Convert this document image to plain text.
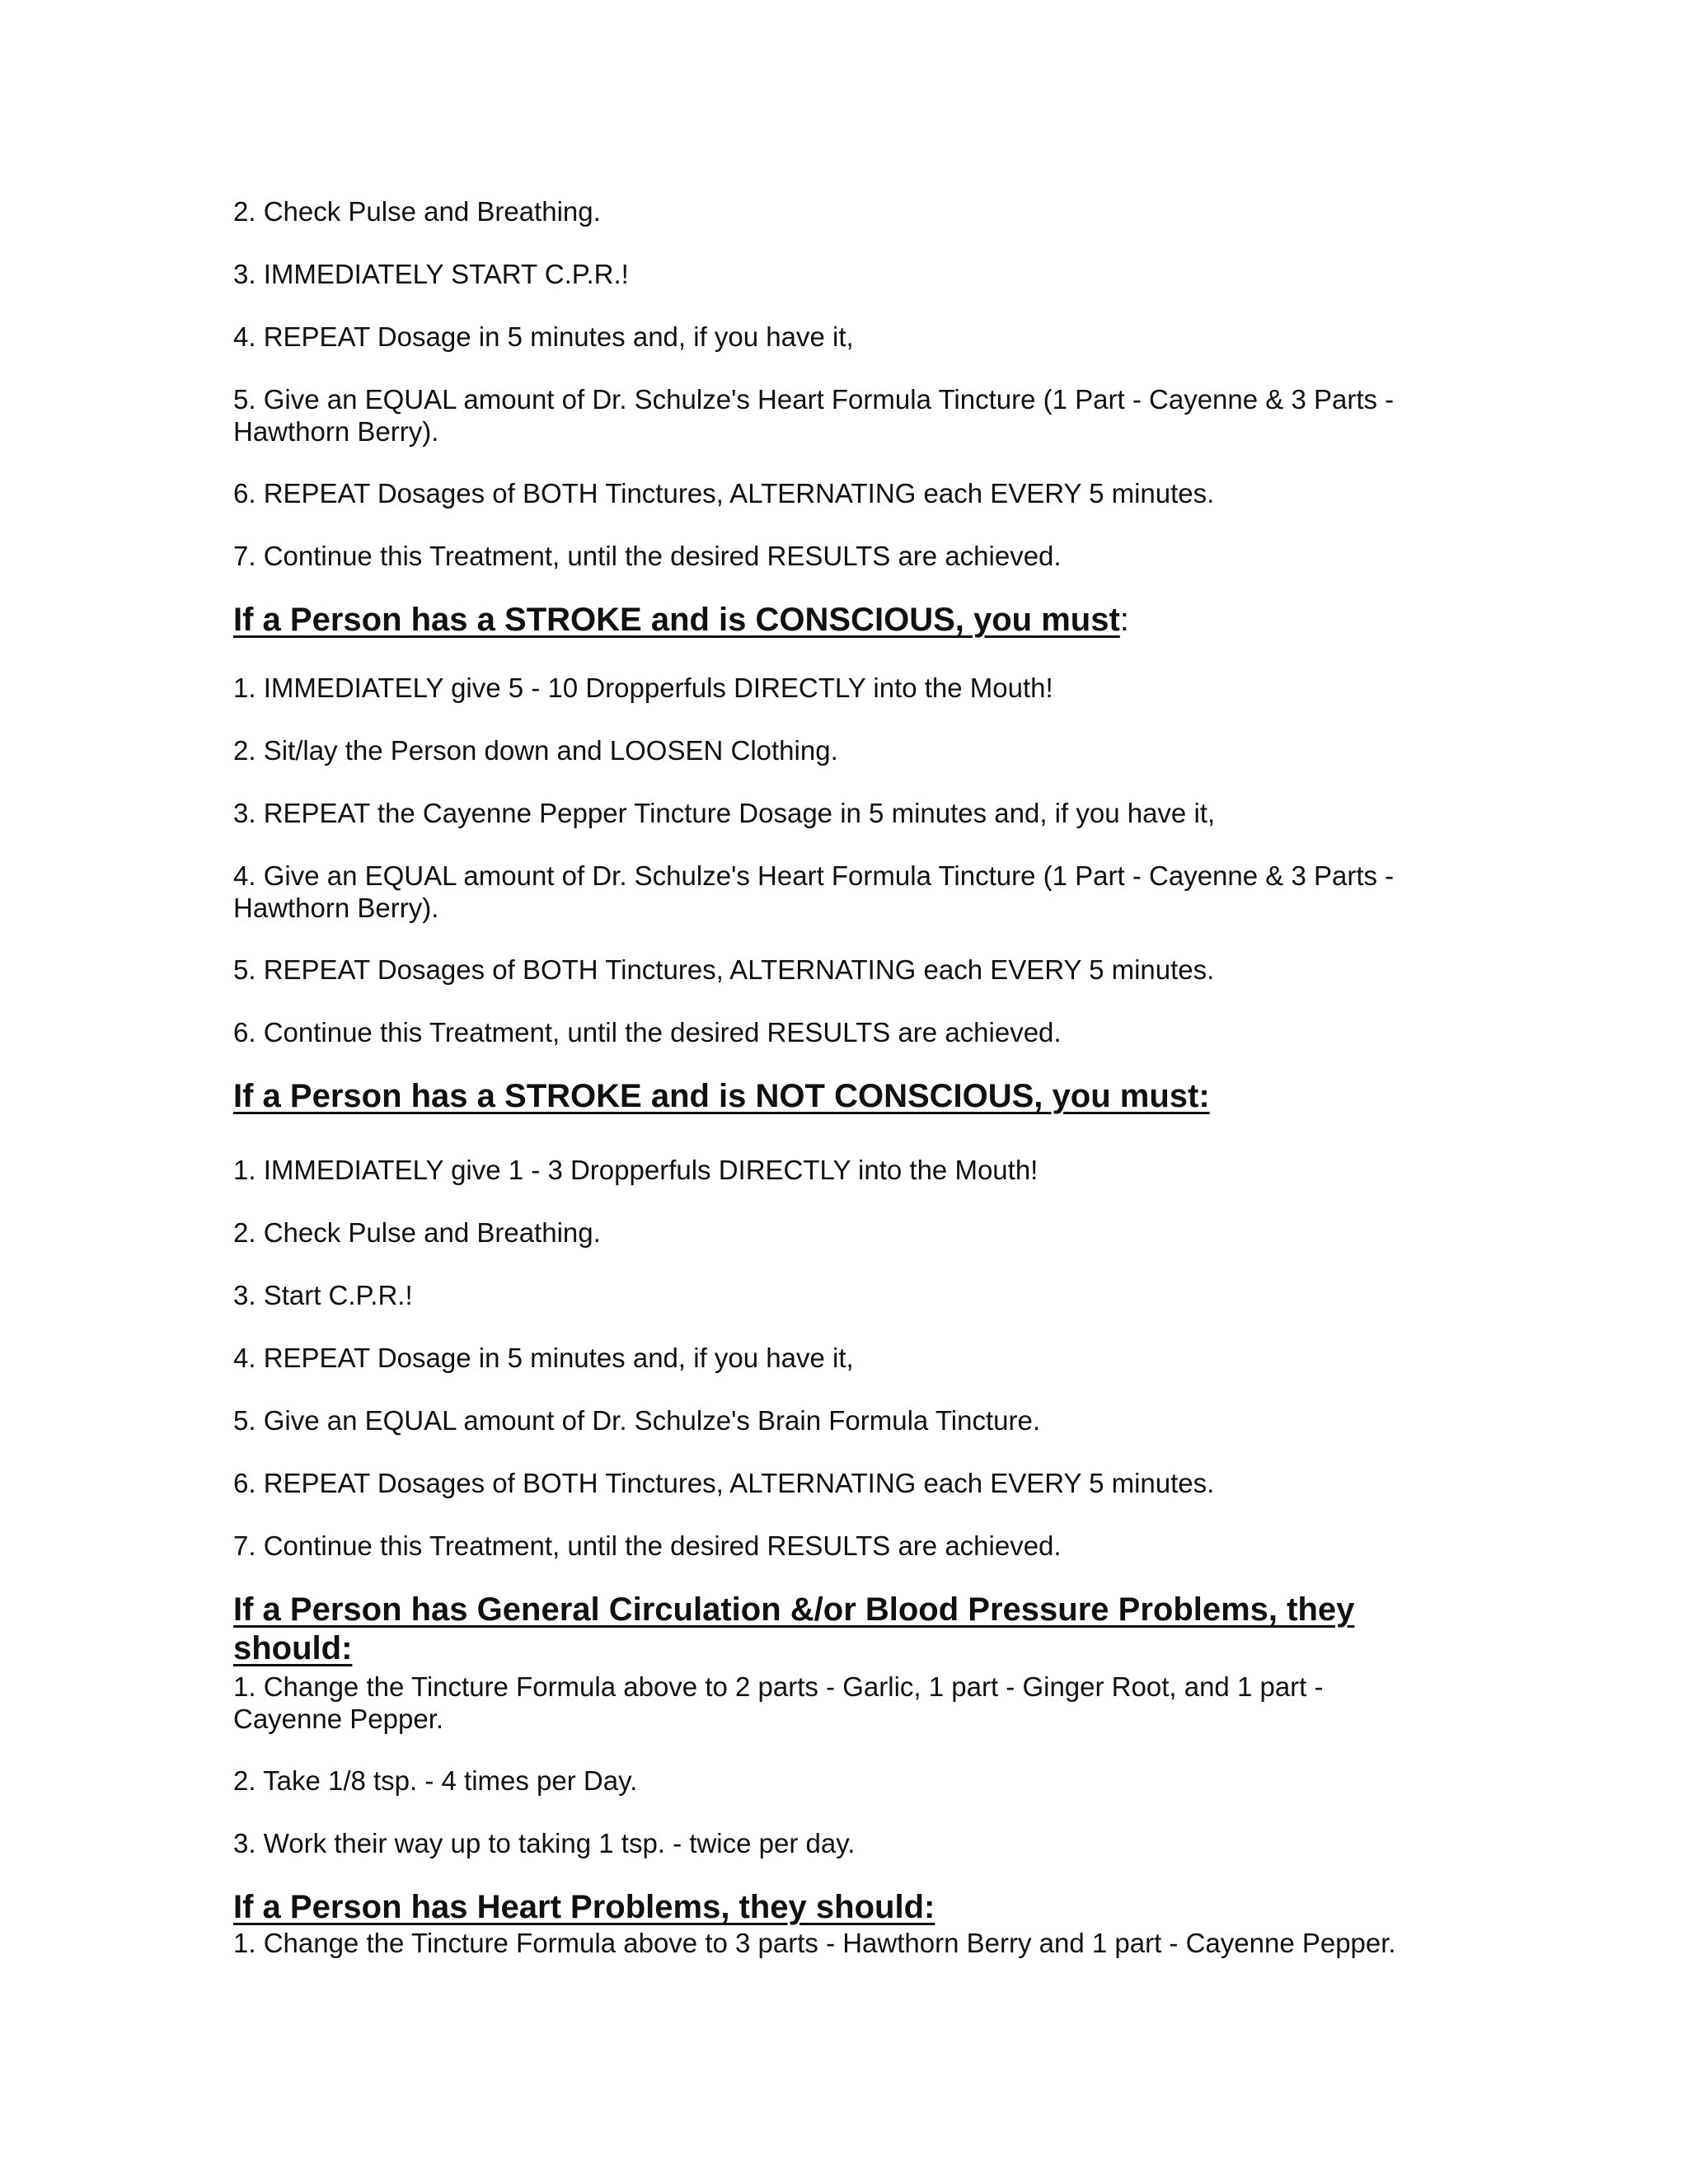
2. Check Pulse and Breathing.
3. IMMEDIATELY START C.P.R.!
4. REPEAT Dosage in 5 minutes and, if you have it,
5. Give an EQUAL amount of Dr. Schulze's Heart Formula Tincture (1 Part - Cayenne & 3 Parts - Hawthorn Berry).
6. REPEAT Dosages of BOTH Tinctures, ALTERNATING each EVERY 5 minutes.
7. Continue this Treatment, until the desired RESULTS are achieved.
If a Person has a STROKE and is CONSCIOUS, you must:
1. IMMEDIATELY give 5 - 10 Dropperfuls DIRECTLY into the Mouth!
2. Sit/lay the Person down and LOOSEN Clothing.
3. REPEAT the Cayenne Pepper Tincture Dosage in 5 minutes and, if you have it,
4. Give an EQUAL amount of Dr. Schulze's Heart Formula Tincture (1 Part - Cayenne & 3 Parts - Hawthorn Berry).
5. REPEAT Dosages of BOTH Tinctures, ALTERNATING each EVERY 5 minutes.
6. Continue this Treatment, until the desired RESULTS are achieved.
If a Person has a STROKE and is NOT CONSCIOUS, you must:
1. IMMEDIATELY give 1 - 3 Dropperfuls DIRECTLY into the Mouth!
2. Check Pulse and Breathing.
3. Start C.P.R.!
4. REPEAT Dosage in 5 minutes and, if you have it,
5. Give an EQUAL amount of Dr. Schulze's Brain Formula Tincture.
6. REPEAT Dosages of BOTH Tinctures, ALTERNATING each EVERY 5 minutes.
7. Continue this Treatment, until the desired RESULTS are achieved.
If a Person has General Circulation &/or Blood Pressure Problems, they should:
1. Change the Tincture Formula above to 2 parts - Garlic, 1 part - Ginger Root, and 1 part - Cayenne Pepper.
2. Take 1/8 tsp. - 4 times per Day.
3. Work their way up to taking 1 tsp. - twice per day.
If a Person has Heart Problems, they should:
1. Change the Tincture Formula above to 3 parts - Hawthorn Berry and 1 part - Cayenne Pepper.
